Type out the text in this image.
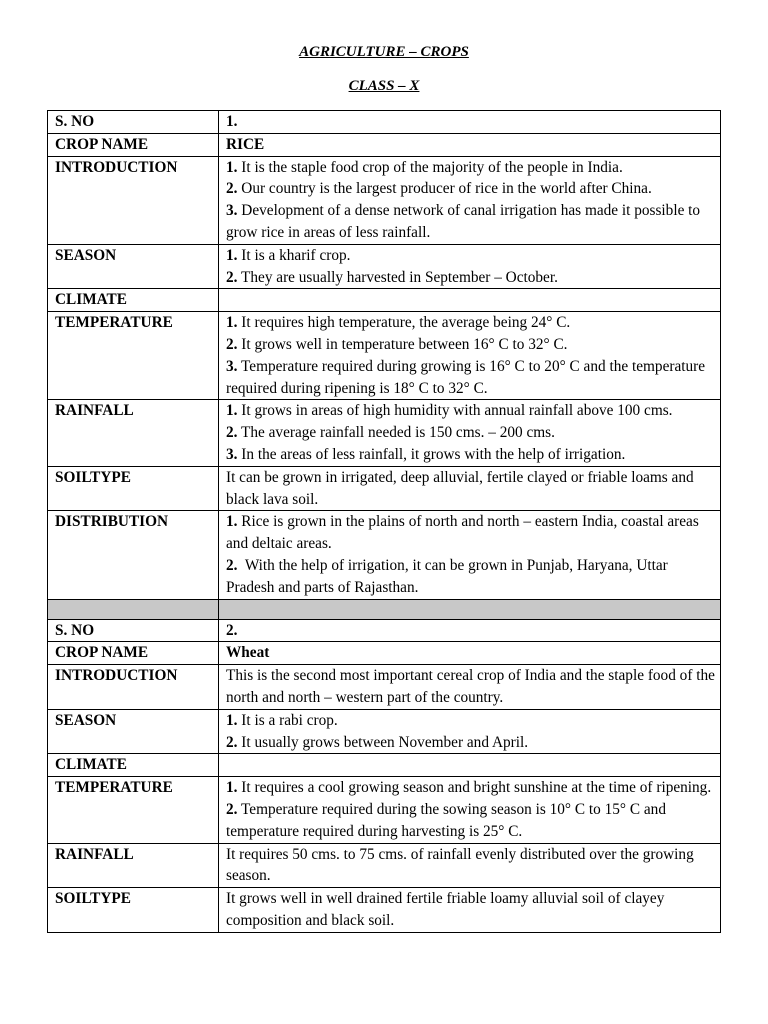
AGRICULTURE – CROPS
CLASS – X
S. NO	1.

CROP NAME	RICE

INTRODUCTION	1. It is the staple food crop of the majority of the people in India.
2. Our country is the largest producer of rice in the world after China.
3. Development of a dense network of canal irrigation has made it possible to grow rice in areas of less rainfall.

SEASON	1. It is a kharif crop.
2. They are usually harvested in September – October.

CLIMATE	
TEMPERATURE	1. It requires high temperature, the average being 24° C.
2. It grows well in temperature between 16° C to 32° C.
3. Temperature required during growing is 16° C to 20° C and the temperature required during ripening is 18° C to 32° C.

RAINFALL	1. It grows in areas of high humidity with annual rainfall above 100 cms.
2. The average rainfall needed is 150 cms. – 200 cms.
3. In the areas of less rainfall, it grows with the help of irrigation.

SOILTYPE	It can be grown in irrigated, deep alluvial, fertile clayed or friable loams and black lava soil.

DISTRIBUTION	1. Rice is grown in the plains of north and north – eastern India, coastal areas and deltaic areas.
2.  With the help of irrigation, it can be grown in Punjab, Haryana, Uttar Pradesh and parts of Rajasthan.

S. NO	2.

CROP NAME	Wheat

INTRODUCTION	This is the second most important cereal crop of India and the staple food of the north and north – western part of the country.

SEASON	1. It is a rabi crop.
2. It usually grows between November and April.

CLIMATE	
TEMPERATURE	1. It requires a cool growing season and bright sunshine at the time of ripening.
2. Temperature required during the sowing season is 10° C to 15° C and temperature required during harvesting is 25° C.

RAINFALL	It requires 50 cms. to 75 cms. of rainfall evenly distributed over the growing season.

SOILTYPE	It grows well in well drained fertile friable loamy alluvial soil of clayey composition and black soil.
